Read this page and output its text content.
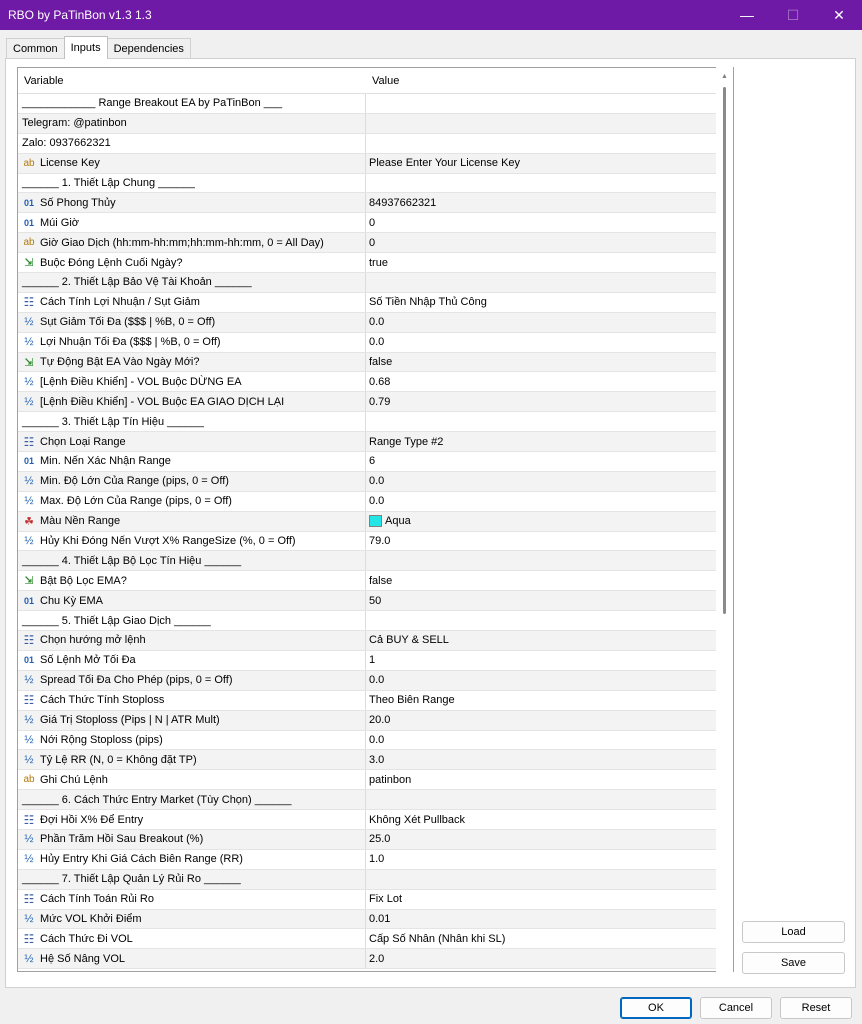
RBO by PaTinBon v1.3 1.3	—	☐	✕
Common	Inputs	Dependencies
Variable	Value
____________ Range Breakout EA by PaTinBon ___
Telegram: @patinbon
Zalo: 0937662321
ab License Key	Please Enter Your License Key
______ 1. Thiết Lập Chung ______
01 Số Phong Thủy	84937662321
01 Múi Giờ	0
ab Giờ Giao Dịch (hh:mm-hh:mm;hh:mm-hh:mm, 0 = All Day)	0
⇲ Buộc Đóng Lệnh Cuối Ngày?	true
______ 2. Thiết Lập Bảo Vệ Tài Khoản ______
☷ Cách Tính Lợi Nhuận / Sụt Giảm	Số Tiền Nhập Thủ Công
½ Sụt Giảm Tối Đa ($$$ | %B, 0 = Off)	0.0
½ Lợi Nhuận Tối Đa ($$$ | %B, 0 = Off)	0.0
⇲ Tự Động Bật EA Vào Ngày Mới?	false
½ [Lệnh Điều Khiển] - VOL Buộc DỪNG EA	0.68
½ [Lệnh Điều Khiển] - VOL Buộc EA GIAO DỊCH LẠI	0.79
______ 3. Thiết Lập Tín Hiệu ______
☷ Chọn Loại Range	Range Type #2
01 Min. Nến Xác Nhận Range	6
½ Min. Độ Lớn Của Range (pips, 0 = Off)	0.0
½ Max. Độ Lớn Của Range (pips, 0 = Off)	0.0
☘ Màu Nền Range	Aqua
½ Hủy Khi Đóng Nến Vượt X% RangeSize (%, 0 = Off)	79.0
______ 4. Thiết Lập Bộ Lọc Tín Hiệu ______
⇲ Bật Bộ Lọc EMA?	false
01 Chu Kỳ EMA	50
______ 5. Thiết Lập Giao Dịch ______
☷ Chọn hướng mở lệnh	Cả BUY & SELL
01 Số Lệnh Mở Tối Đa	1
½ Spread Tối Đa Cho Phép (pips, 0 = Off)	0.0
☷ Cách Thức Tính Stoploss	Theo Biên Range
½ Giá Trị Stoploss (Pips | N | ATR Mult)	20.0
½ Nới Rộng Stoploss (pips)	0.0
½ Tỷ Lệ RR (N, 0 = Không đặt TP)	3.0
ab Ghi Chú Lệnh	patinbon
______ 6. Cách Thức Entry Market (Tùy Chọn) ______
☷ Đợi Hồi X% Để Entry	Không Xét Pullback
½ Phần Trăm Hồi Sau Breakout (%)	25.0
½ Hủy Entry Khi Giá Cách Biên Range (RR)	1.0
______ 7. Thiết Lập Quản Lý Rủi Ro ______
☷ Cách Tính Toán Rủi Ro	Fix Lot
½ Mức VOL Khởi Điểm	0.01
☷ Cách Thức Đi VOL	Cấp Số Nhân (Nhân khi SL)
½ Hệ Số Nâng VOL	2.0
▲
Load
Save
OK	Cancel	Reset
